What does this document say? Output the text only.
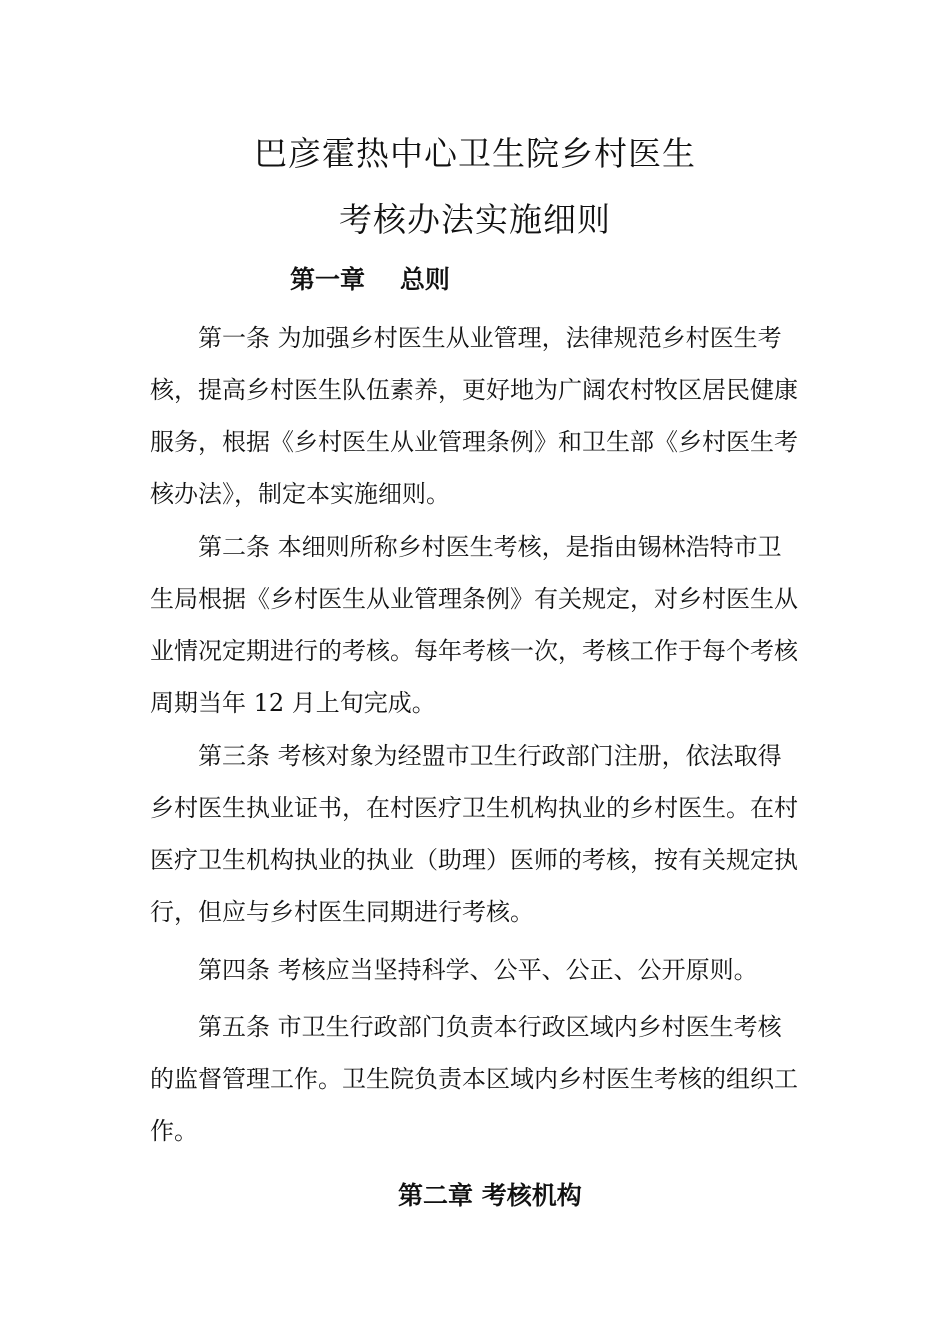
巴彦霍热中心卫生院乡村医生
考核办法实施细则
第一章    总则

第一条 为加强乡村医生从业管理，法律规范乡村医生考核，提高乡村医生队伍素养，更好地为广阔农村牧区居民健康服务，根据《乡村医生从业管理条例》和卫生部《乡村医生考核办法》，制定本实施细则。

第二条 本细则所称乡村医生考核，是指由锡林浩特市卫生局根据《乡村医生从业管理条例》有关规定，对乡村医生从业情况定期进行的考核。每年考核一次，考核工作于每个考核周期当年 12 月上旬完成。

第三条 考核对象为经盟市卫生行政部门注册，依法取得乡村医生执业证书，在村医疗卫生机构执业的乡村医生。在村医疗卫生机构执业的执业（助理）医师的考核，按有关规定执行，但应与乡村医生同期进行考核。

第四条 考核应当坚持科学、公平、公正、公开原则。

第五条 市卫生行政部门负责本行政区域内乡村医生考核的监督管理工作。卫生院负责本区域内乡村医生考核的组织工作。

第二章 考核机构
